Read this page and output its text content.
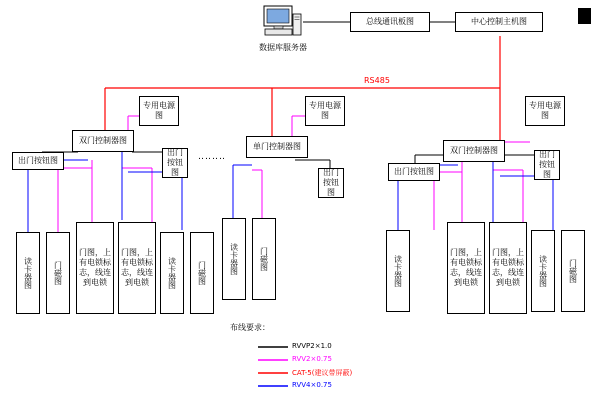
数据库服务器
总线通讯板图	中心控制主机图
RS485
专用电源图
专用电源图
专用电源图
双门控制器图
单门控制器图	双门控制器图
‥‥‥‥
出门按钮图
出门按钮图	出门按钮图
出门按钮图
出门按钮图
读卡器图	门磁图
门图，上有电锁标志，线连到电锁
门图，上有电锁标志，线连到电锁	读卡器图	门磁图	读卡器图	门磁图	读卡器图
门图，上有电锁标志，线连到电锁
门图，上有电锁标志，线连到电锁	读卡器图	门磁图
布线要求：
RVVP2×1.0
RVV2×0.75
CAT-5(建议带屏蔽)
RVV4×0.75
